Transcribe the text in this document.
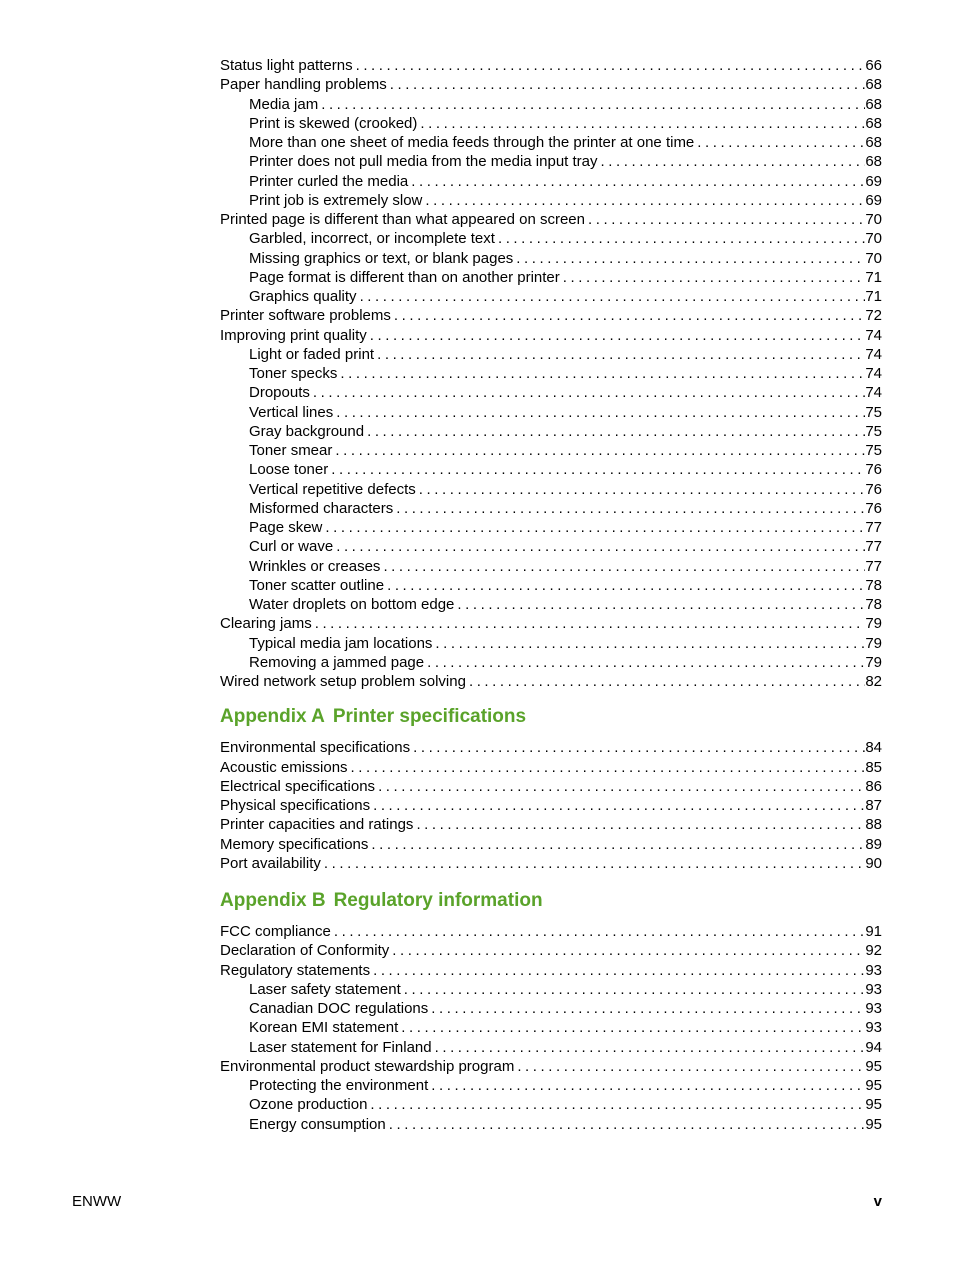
Status light patterns . . .	66
Paper handling problems . . .	68
Media jam . . .	68
Print is skewed (crooked) . . .	68
More than one sheet of media feeds through the printer at one time . . .	68
Printer does not pull media from the media input tray . . .	68
Printer curled the media . . .	69
Print job is extremely slow . . .	69
Printed page is different than what appeared on screen . . .	70
Garbled, incorrect, or incomplete text . . .	70
Missing graphics or text, or blank pages . . .	70
Page format is different than on another printer . . .	71
Graphics quality . . .	71
Printer software problems . . .	72
Improving print quality . . .	74
Light or faded print . . .	74
Toner specks . . .	74
Dropouts . . .	74
Vertical lines . . .	75
Gray background . . .	75
Toner smear . . .	75
Loose toner . . .	76
Vertical repetitive defects . . .	76
Misformed characters . . .	76
Page skew . . .	77
Curl or wave . . .	77
Wrinkles or creases . . .	77
Toner scatter outline . . .	78
Water droplets on bottom edge . . .	78
Clearing jams . . .	79
Typical media jam locations . . .	79
Removing a jammed page . . .	79
Wired network setup problem solving . . .	82
Appendix A Printer specifications
Environmental specifications . . .	84
Acoustic emissions . . .	85
Electrical specifications . . .	86
Physical specifications . . .	87
Printer capacities and ratings . . .	88
Memory specifications . . .	89
Port availability . . .	90
Appendix B Regulatory information
FCC compliance . . .	91
Declaration of Conformity . . .	92
Regulatory statements . . .	93
Laser safety statement . . .	93
Canadian DOC regulations . . .	93
Korean EMI statement . . .	93
Laser statement for Finland . . .	94
Environmental product stewardship program . . .	95
Protecting the environment . . .	95
Ozone production . . .	95
Energy consumption . . .	95
ENWW	v
